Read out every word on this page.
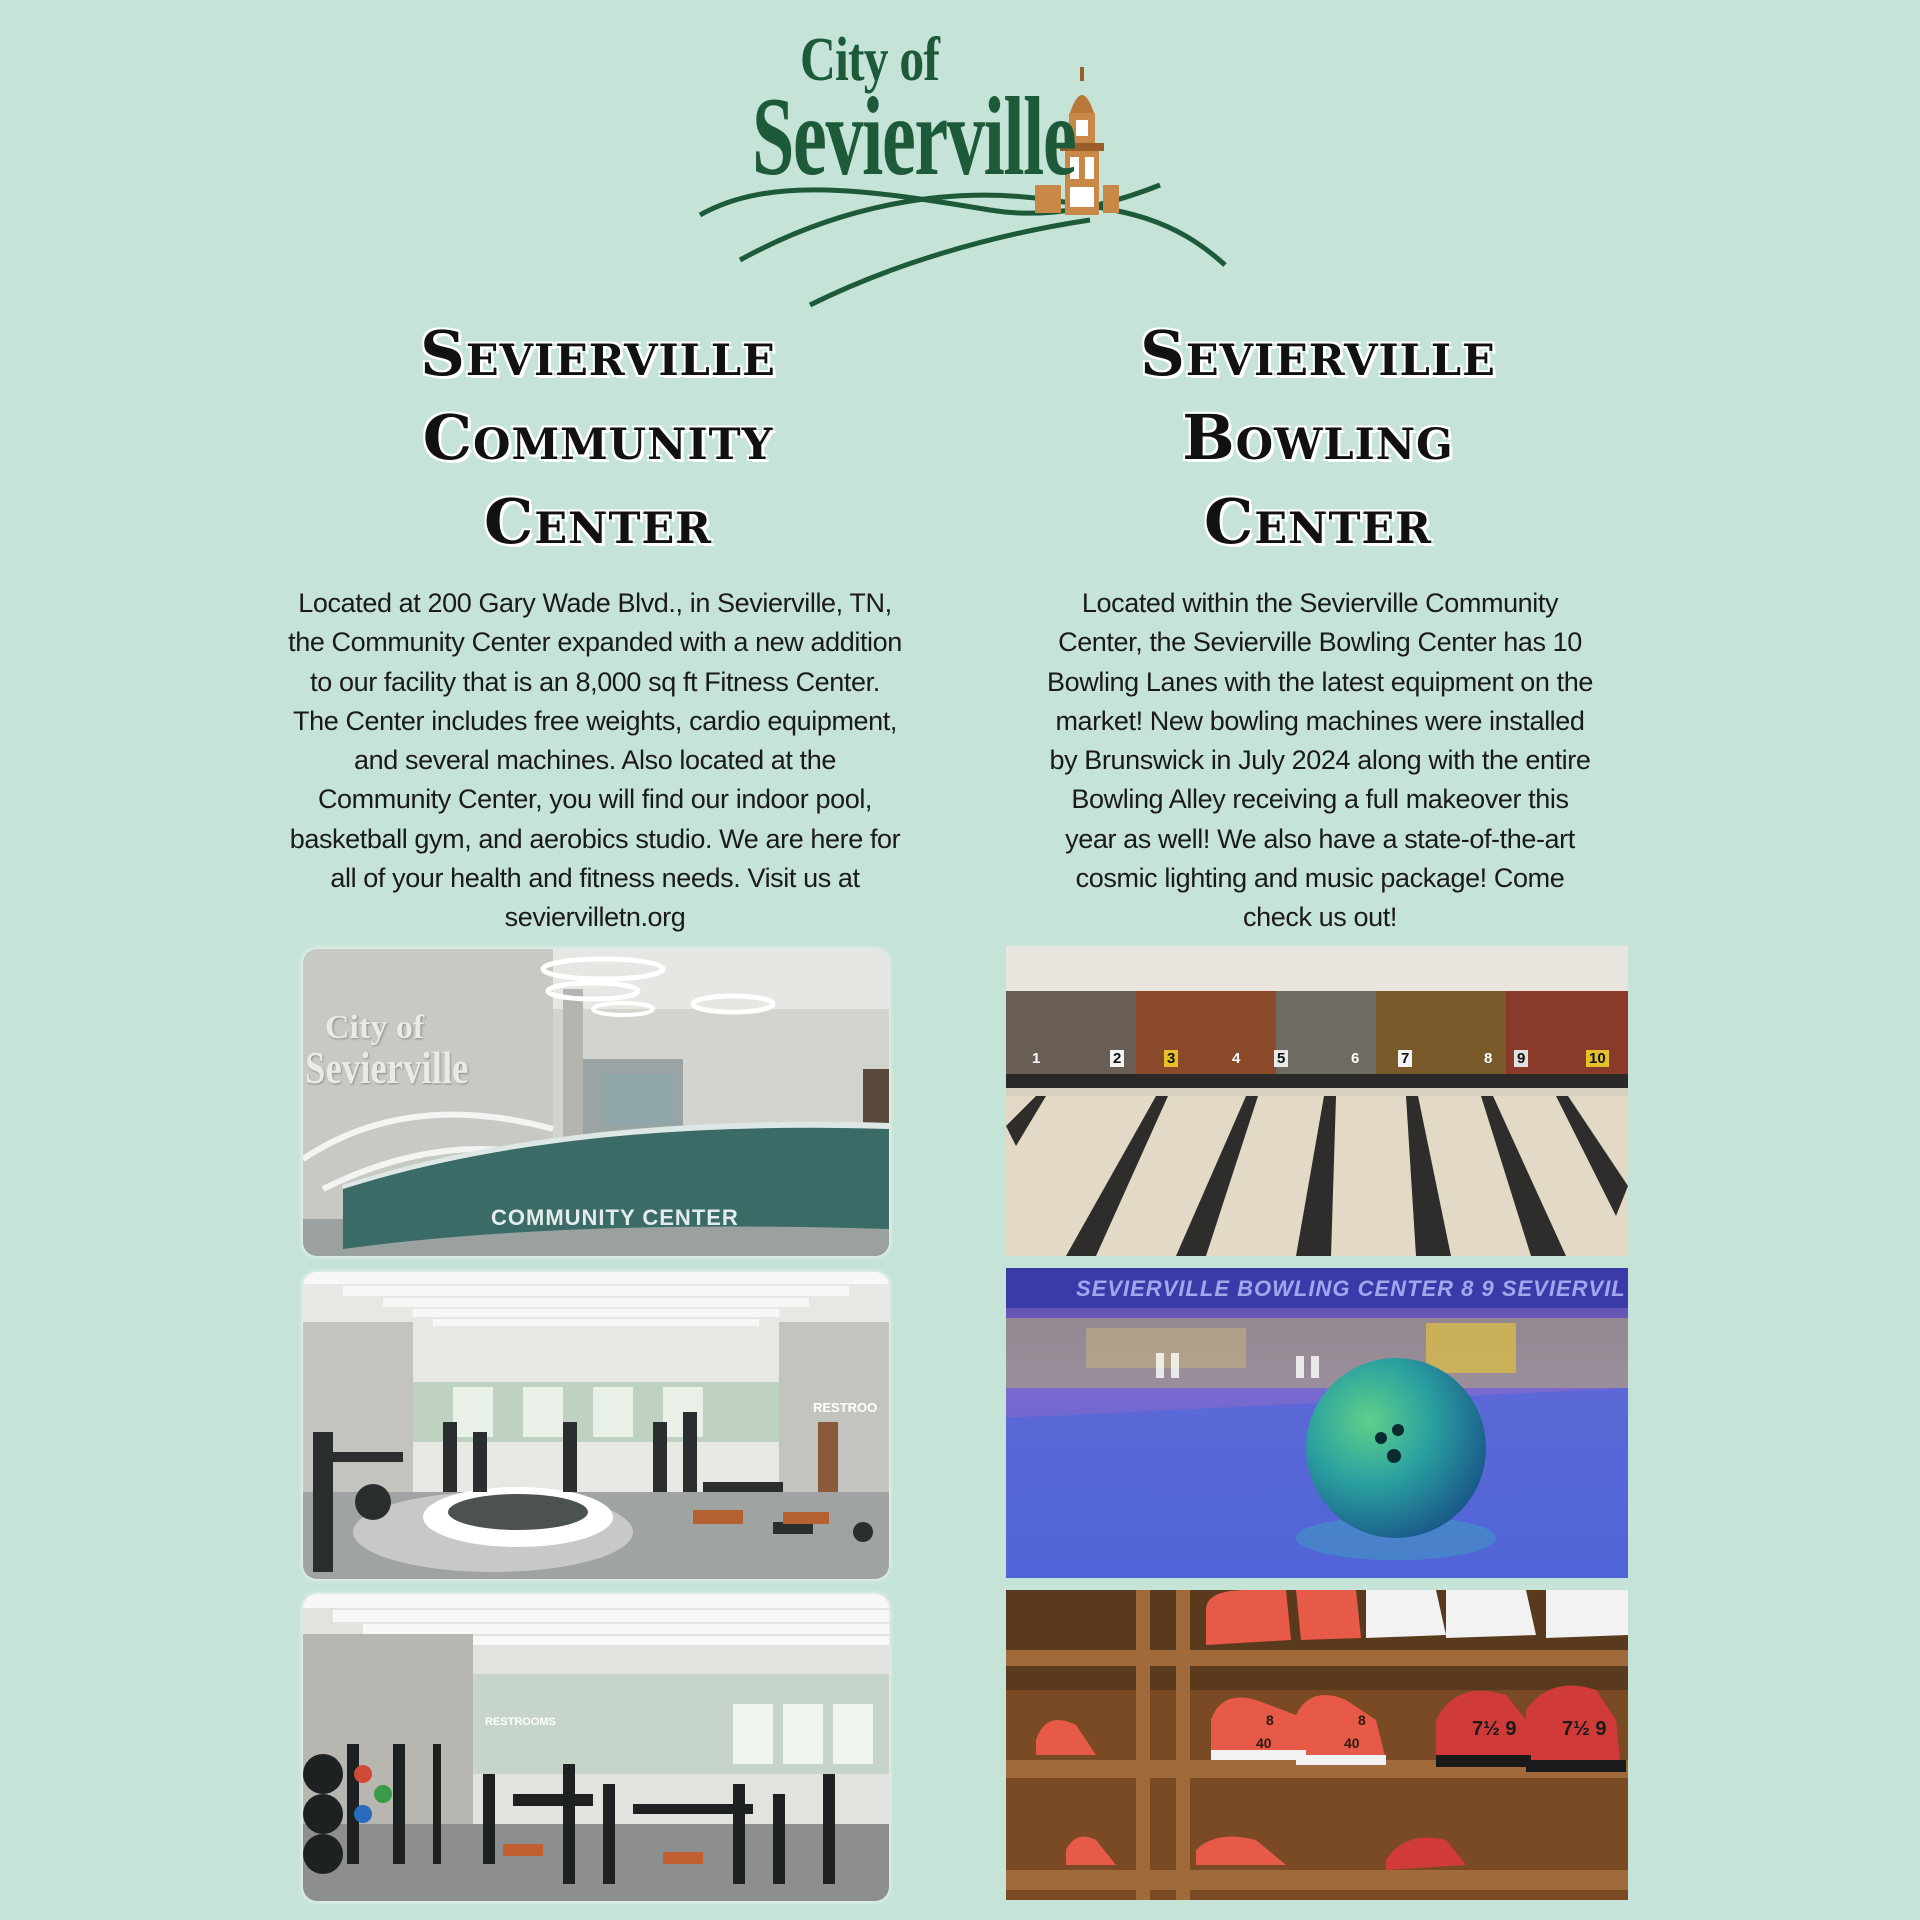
City of
Sevierville
Sevierville
Community
Center
Sevierville
Bowling
Center
Located at 200 Gary Wade Blvd., in Sevierville, TN,
the Community Center expanded with a new addition
to our facility that is an 8,000 sq ft Fitness Center.
The Center includes free weights, cardio equipment,
and several machines. Also located at the
Community Center, you will find our indoor pool,
basketball gym, and aerobics studio. We are here for
all of your health and fitness needs. Visit us at
seviervilletn.org
Located within the Sevierville Community
Center, the Sevierville Bowling Center has 10
Bowling Lanes with the latest equipment on the
market! New bowling machines were installed
by Brunswick in July 2024 along with the entire
Bowling Alley receiving a full makeover this
year as well! We also have a state-of-the-art
cosmic lighting and music package! Come
check us out!
City of
Sevierville
COMMUNITY CENTER
RESTROO
RESTROOMS
1	2	3	4 5	6	7	8 9	10
SEVIERVILLE BOWLING CENTER 8 9 SEVIERVIL
8
40
8
40
7½ 9 7½ 9
